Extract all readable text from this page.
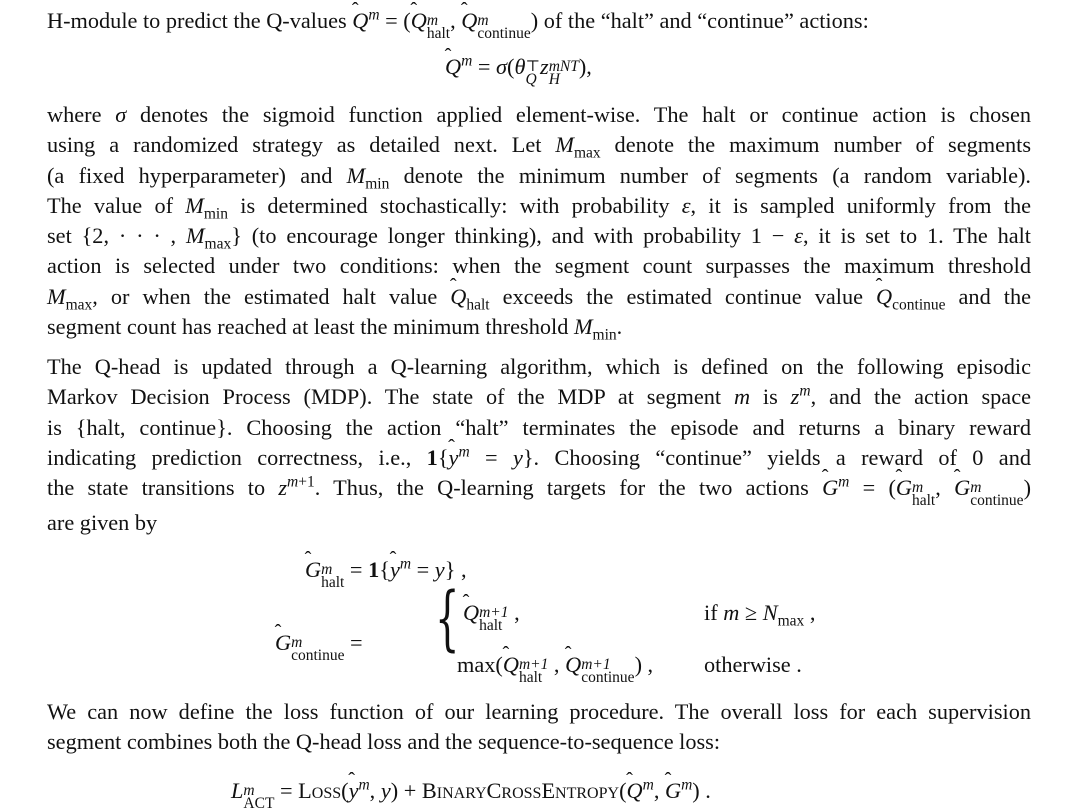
H-module to predict the Q-values ̂ $Q^m$ = (̂ Q m
halt
, ̂ Q m
continue
) of the “halt” and “continue” actions:
̂ $Q^m = \sigma(\theta$ ⊤
Q
z mNT
H
),
where σ denotes the sigmoid function applied element-wise. The halt or continue action is chosen
using a randomized strategy as detailed next. Let $M_{max}$ denote the maximum number of segments
(a fixed hyperparameter) and $M_{min}$ denote the minimum number of segments (a random variable).
The value of $M_{min}$ is determined stochastically: with probability ε, it is sampled uniformly from the
set {2, · · · , $M_{max}$} (to encourage longer thinking), and with probability 1 − ε, it is set to 1. The halt
action is selected under two conditions: when the segment count surpasses the maximum threshold
$M_{max}$, or when the estimated halt value ̂ $Q_{halt}$ exceeds the estimated continue value ̂ $Q_{continue}$ and the
segment count has reached at least the minimum threshold $M_{min}$.
The Q-head is updated through a Q-learning algorithm, which is defined on the following episodic
Markov Decision Process (MDP). The state of the MDP at segment m is $z^m$, and the action space
is {halt, continue}. Choosing the action “halt” terminates the episode and returns a binary reward
indicating prediction correctness, i.e., 1{̂ $y^m = y$}. Choosing “continue” yields a reward of 0 and
the state transitions to $z^{m+1}$. Thus, the Q-learning targets for the two actions ̂ $G^m$ = (̂ G m
halt
, ̂ G m
continue
)
are given by
̂ G m
halt
= 1{̂ $y^m = y$} ,
̂ G m
continue
= {
̂ Q m+1
halt
,	if $m \ge N_{max}$ ,
max(̂ Q m+1
halt
, ̂ Q m+1
continue
) , otherwise .
We can now define the loss function of our learning procedure. The overall loss for each supervision
segment combines both the Q-head loss and the sequence-to-sequence loss:
L m
ACT
= Loss(̂ $y^m$, y) + BinaryCrossEntropy(̂ $Q^m$, ̂ $G^m$) .
